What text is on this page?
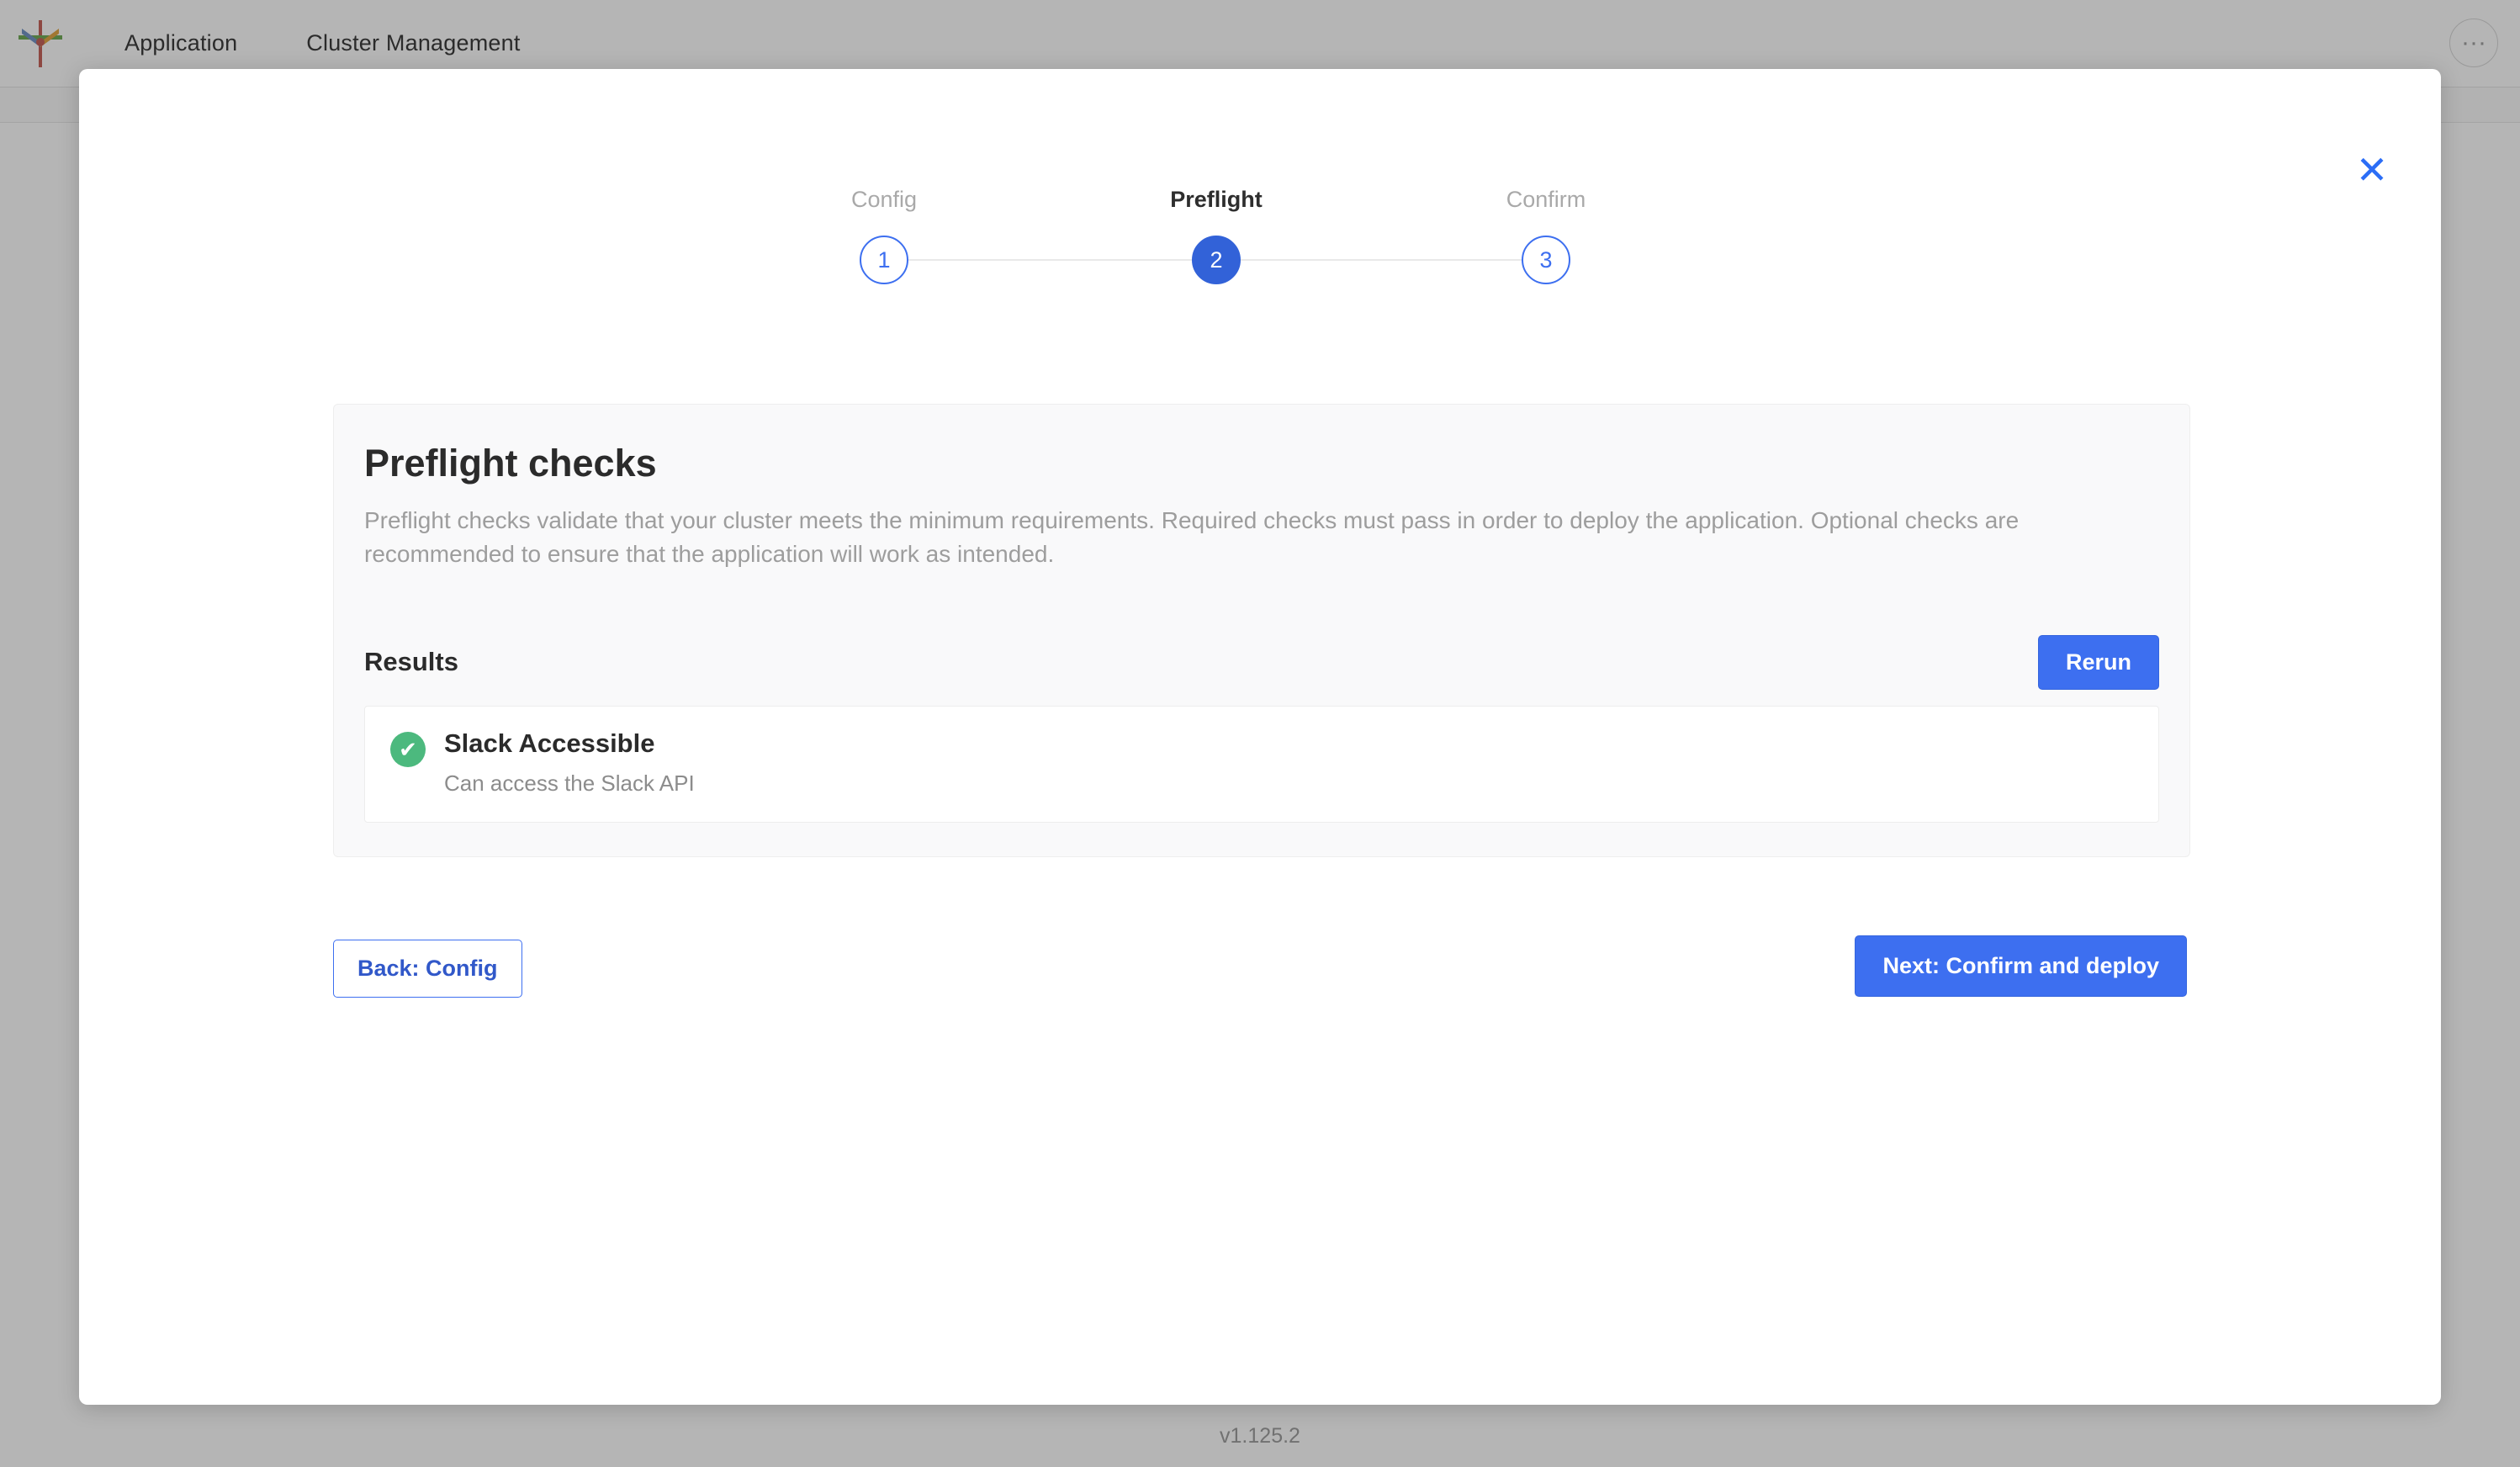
Application	Cluster Management	···
v1.125.2
✕
Config	Preflight	Confirm
1	2	3
Preflight checks

Preflight checks validate that your cluster meets the minimum requirements. Required checks must pass in order to deploy the application. Optional checks are recommended to ensure that the application will work as intended.

Results	Rerun
✔	Slack Accessible
Can access the Slack API
Back: Config	Next: Confirm and deploy
